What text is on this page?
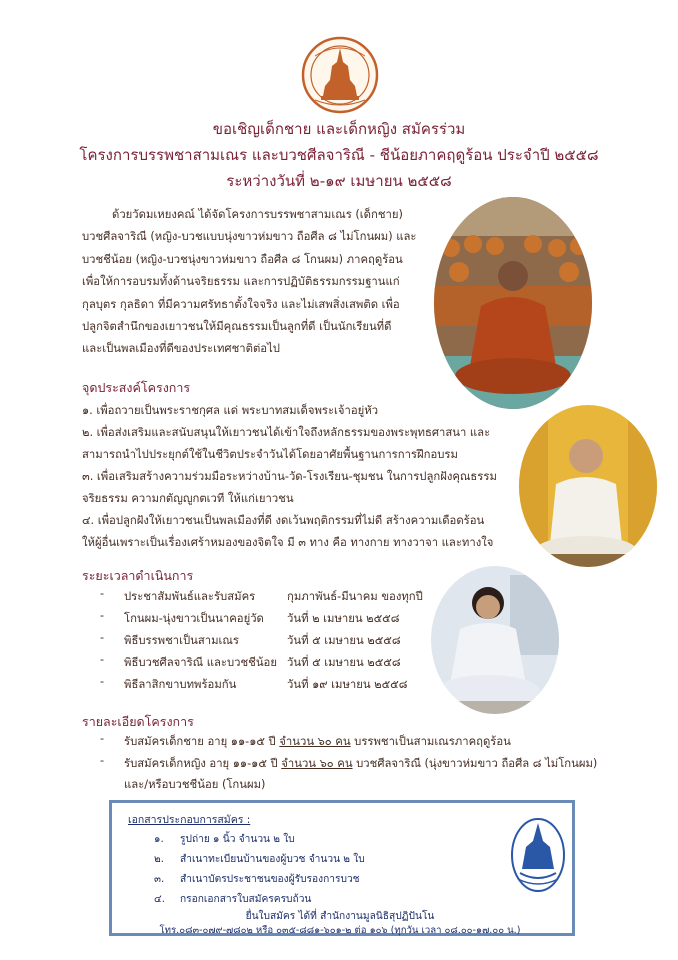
ขอเชิญเด็กชาย และเด็กหญิง สมัครร่วม
โครงการบรรพชาสามเณร และบวชศีลจาริณี - ชีน้อยภาคฤดูร้อน ประจำปี ๒๕๕๘
ระหว่างวันที่ ๒-๑๙ เมษายน ๒๕๕๘

ด้วยวัดมเหยงคณ์ ได้จัดโครงการบรรพชาสามเณร (เด็กชาย)

บวชศีลจาริณี (หญิง-บวชแบบนุ่งขาวห่มขาว ถือศีล ๘ ไม่โกนผม) และ

บวชชีน้อย (หญิง-บวชนุ่งขาวห่มขาว ถือศีล ๘ โกนผม) ภาคฤดูร้อน

เพื่อให้การอบรมทั้งด้านจริยธรรม และการปฏิบัติธรรมกรรมฐานแก่

กุลบุตร กุลธิดา ที่มีความศรัทธาตั้งใจจริง และไม่เสพสิ่งเสพติด เพื่อ

ปลูกจิตสำนึกของเยาวชนให้มีคุณธรรมเป็นลูกที่ดี เป็นนักเรียนที่ดี

และเป็นพลเมืองที่ดีของประเทศชาติต่อไป

จุดประสงค์โครงการ

๑. เพื่อถวายเป็นพระราชกุศล แด่ พระบาทสมเด็จพระเจ้าอยู่หัว

๒. เพื่อส่งเสริมและสนับสนุนให้เยาวชนได้เข้าใจถึงหลักธรรมของพระพุทธศาสนา และ

สามารถนำไปประยุกต์ใช้ในชีวิตประจำวันได้โดยอาศัยพื้นฐานการการฝึกอบรม

๓. เพื่อเสริมสร้างความร่วมมือระหว่างบ้าน-วัด-โรงเรียน-ชุมชน ในการปลูกฝังคุณธรรม

จริยธรรม ความกตัญญูกตเวที ให้แก่เยาวชน

๔. เพื่อปลูกฝังให้เยาวชนเป็นพลเมืองที่ดี งดเว้นพฤติกรรมที่ไม่ดี สร้างความเดือดร้อน

ให้ผู้อื่นเพราะเป็นเรื่องเศร้าหมองของจิตใจ มี ๓ ทาง คือ ทางกาย ทางวาจา และทางใจ

ระยะเวลาดำเนินการ
- ประชาสัมพันธ์และรับสมัคร	กุมภาพันธ์-มีนาคม ของทุกปี
- โกนผม-นุ่งขาวเป็นนาคอยู่วัด วันที่ ๒ เมษายน ๒๕๕๘
- พิธีบรรพชาเป็นสามเณร	วันที่ ๕ เมษายน ๒๕๕๘
- พิธีบวชศีลจาริณี และบวชชีน้อย วันที่ ๕ เมษายน ๒๕๕๘
- พิธีลาสิกขาบทพร้อมกัน	วันที่ ๑๙ เมษายน ๒๕๕๘
รายละเอียดโครงการ
- รับสมัครเด็กชาย อายุ ๑๑-๑๕ ปี จำนวน ๖๐ คน บรรพชาเป็นสามเณรภาคฤดูร้อน
- รับสมัครเด็กหญิง อายุ ๑๑-๑๕ ปี จำนวน ๖๐ คน บวชศีลจาริณี (นุ่งขาวห่มขาว ถือศีล ๘ ไม่โกนผม)
และ/หรือบวชชีน้อย (โกนผม)
เอกสารประกอบการสมัคร :
๑. รูปถ่าย ๑ นิ้ว จำนวน ๒ ใบ
๒. สำเนาทะเบียนบ้านของผู้บวช จำนวน ๒ ใบ
๓. สำเนาบัตรประชาชนของผู้รับรองการบวช
๔. กรอกเอกสารใบสมัครครบถ้วน
ยื่นใบสมัคร ได้ที่ สำนักงานมูลนิธิสุปฏิปันโน
โทร.๐๘๓-๐๗๙-๗๘๐๒ หรือ ๐๓๕-๘๘๑-๖๐๑-๒ ต่อ ๑๐๖ (ทุกวัน เวลา ๐๘.๐๐-๑๗.๐๐ น.)
